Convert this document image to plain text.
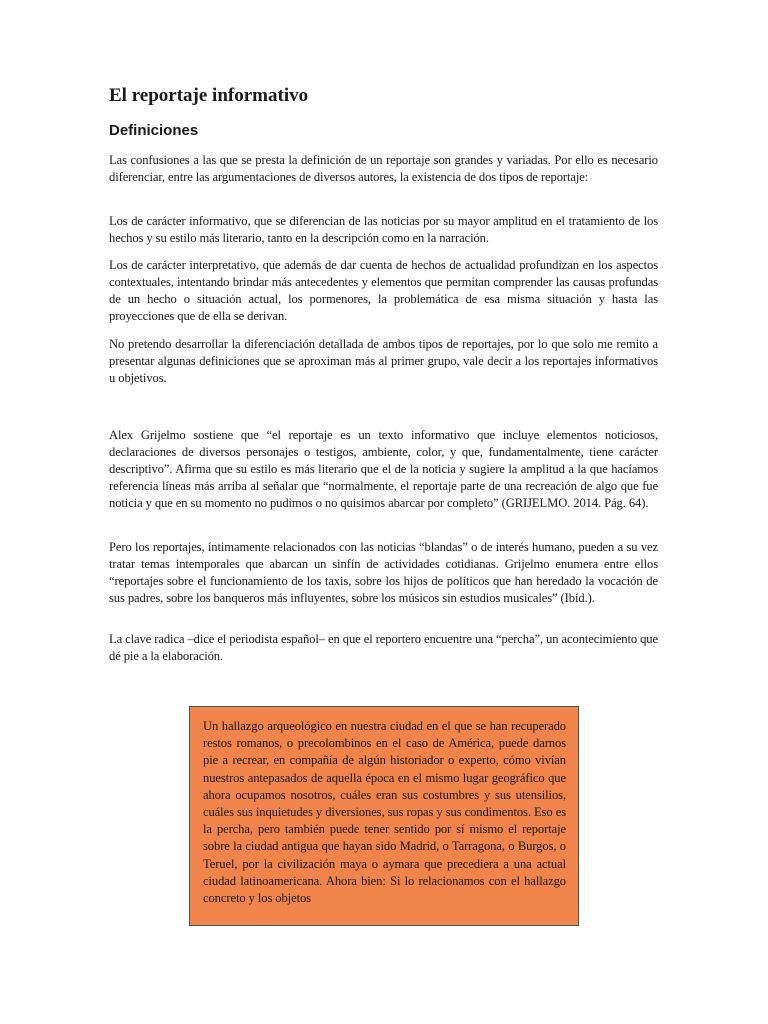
El reportaje informativo
Definiciones

Las confusiones a las que se presta la definición de un reportaje son grandes y variadas. Por ello es necesario diferenciar, entre las argumentaciones de diversos autores, la existencia de dos tipos de reportaje:

Los de carácter informativo, que se diferencian de las noticias por su mayor amplitud en el tratamiento de los hechos y su estilo más literario, tanto en la descripción como en la narración.

Los de carácter interpretativo, que además de dar cuenta de hechos de actualidad profundizan en los aspectos contextuales, intentando brindar más antecedentes y elementos que permitan comprender las causas profundas de un hecho o situación actual, los pormenores, la problemática de esa misma situación y hasta las proyecciones que de ella se derivan.

No pretendo desarrollar la diferenciación detallada de ambos tipos de reportajes, por lo que solo me remito a presentar algunas definiciones que se aproximan más al primer grupo, vale decir a los reportajes informativos u objetivos.

Alex Grijelmo sostiene que “el reportaje es un texto informativo que incluye elementos noticiosos, declaraciones de diversos personajes o testigos, ambiente, color, y que, fundamentalmente, tiene carácter descriptivo”. Afirma que su estilo es más literario que el de la noticia y sugiere la amplitud a la que hacíamos referencia líneas más arriba al señalar que “normalmente, el reportaje parte de una recreación de algo que fue noticia y que en su momento no pudimos o no quisimos abarcar por completo” (GRIJELMO. 2014. Pág. 64).

Pero los reportajes, íntimamente relacionados con las noticias “blandas” o de interés humano, pueden a su vez tratar temas intemporales que abarcan un sinfín de actividades cotidianas. Grijelmo enumera entre ellos “reportajes sobre el funcionamiento de los taxis, sobre los hijos de políticos que han heredado la vocación de sus padres, sobre los banqueros más influyentes, sobre los músicos sin estudios musicales” (Ibíd.).

La clave radica –dice el periodista español– en que el reportero encuentre una “percha”, un acontecimiento que dé pie a la elaboración.

Un hallazgo arqueológico en nuestra ciudad en el que se han recuperado restos romanos, o precolombinos en el caso de América, puede darnos pie a recrear, en compañía de algún historiador o experto, cómo vivían nuestros antepasados de aquella época en el mismo lugar geográfico que ahora ocupamos nosotros, cuáles eran sus costumbres y sus utensilios, cuáles sus inquietudes y diversiones, sus ropas y sus condimentos. Eso es la percha, pero también puede tener sentido por sí mismo el reportaje sobre la ciudad antigua que hayan sido Madrid, o Tarragona, o Burgos, o Teruel, por la civilización maya o aymara que precediera a una actual ciudad latinoamericana. Ahora bien: Si lo relacionamos con el hallazgo concreto y los objetos
